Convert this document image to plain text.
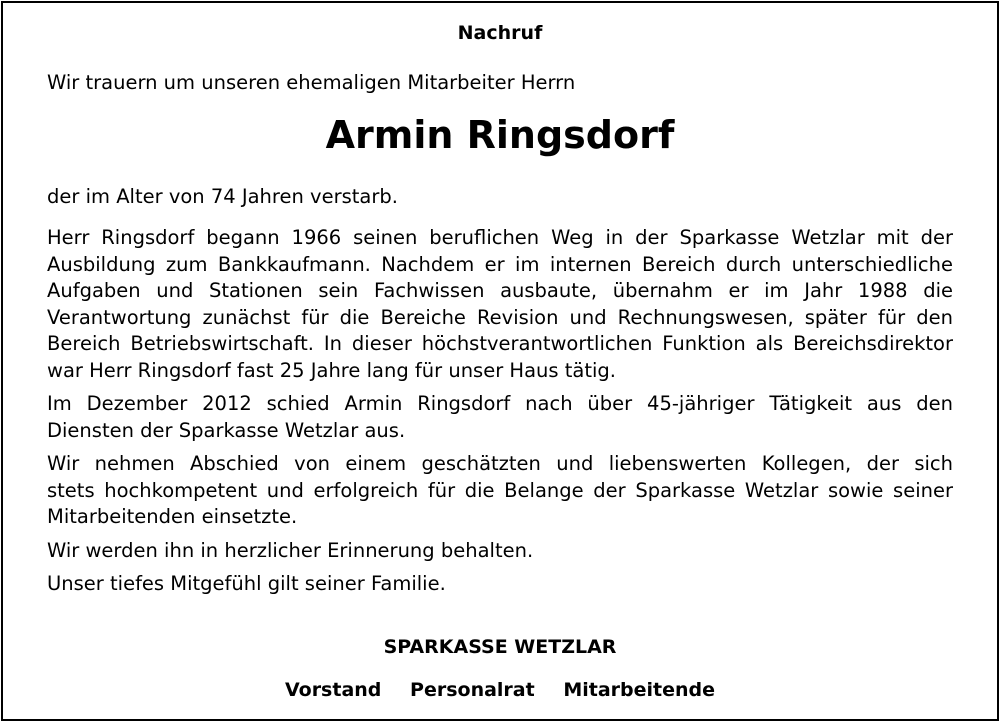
Nachruf
Wir trauern um unseren ehemaligen Mitarbeiter Herrn
Armin Ringsdorf
der im Alter von 74 Jahren verstarb.
Herr Ringsdorf begann 1966 seinen beruflichen Weg in der Sparkasse Wetzlar mit der
Ausbildung zum Bankkaufmann. Nachdem er im internen Bereich durch unterschiedliche
Aufgaben und Stationen sein Fachwissen ausbaute, übernahm er im Jahr 1988 die
Verantwortung zunächst für die Bereiche Revision und Rechnungswesen, später für den
Bereich Betriebswirtschaft. In dieser höchstverantwortlichen Funktion als Bereichsdirektor
war Herr Ringsdorf fast 25 Jahre lang für unser Haus tätig.
Im Dezember 2012 schied Armin Ringsdorf nach über 45-jähriger Tätigkeit aus den
Diensten der Sparkasse Wetzlar aus.
Wir nehmen Abschied von einem geschätzten und liebenswerten Kollegen, der sich
stets hochkompetent und erfolgreich für die Belange der Sparkasse Wetzlar sowie seiner
Mitarbeitenden einsetzte.
Wir werden ihn in herzlicher Erinnerung behalten.
Unser tiefes Mitgefühl gilt seiner Familie.
SPARKASSE WETZLAR
Vorstand Personalrat Mitarbeitende
